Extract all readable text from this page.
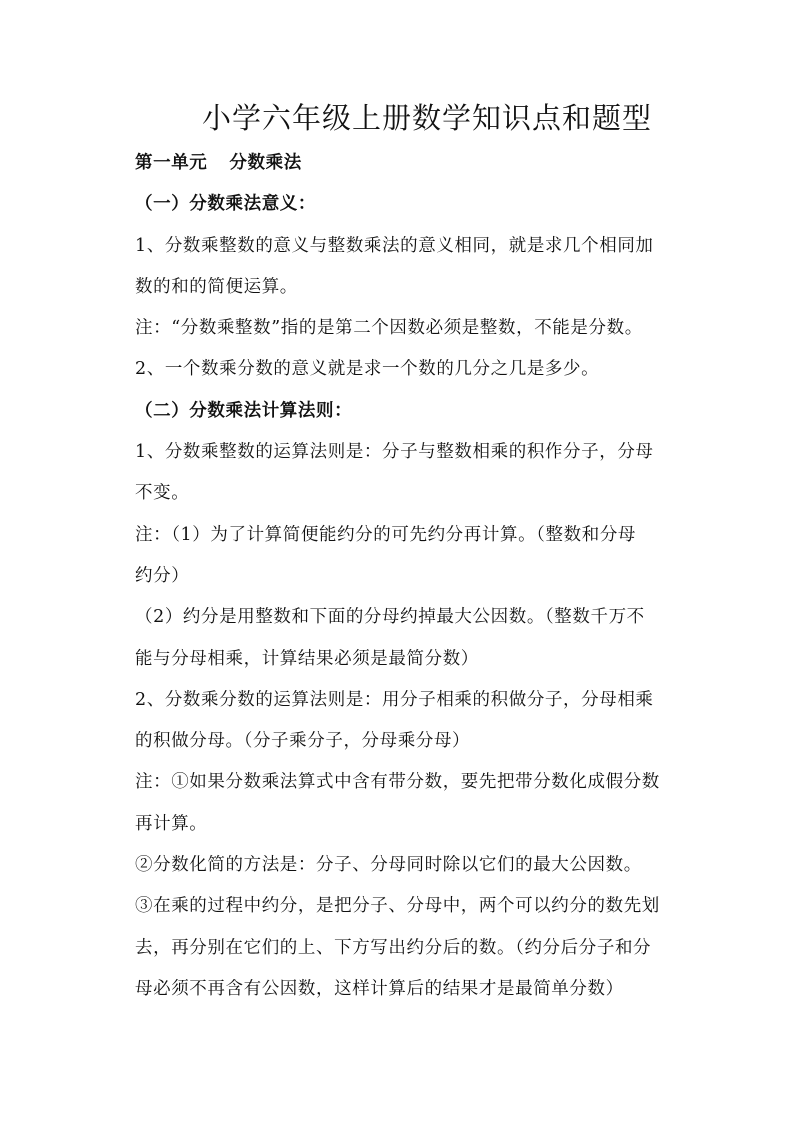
小学六年级上册数学知识点和题型
第一单元 分数乘法
（一）分数乘法意义：
1、分数乘整数的意义与整数乘法的意义相同，就是求几个相同加
数的和的简便运算。
注：“分数乘整数”指的是第二个因数必须是整数，不能是分数。
2、一个数乘分数的意义就是求一个数的几分之几是多少。
（二）分数乘法计算法则：
1、分数乘整数的运算法则是：分子与整数相乘的积作分子，分母
不变。
注：（1）为了计算简便能约分的可先约分再计算。（整数和分母
约分）
（2）约分是用整数和下面的分母约掉最大公因数。（整数千万不
能与分母相乘，计算结果必须是最简分数）
2、分数乘分数的运算法则是：用分子相乘的积做分子，分母相乘
的积做分母。（分子乘分子，分母乘分母）
注：①如果分数乘法算式中含有带分数，要先把带分数化成假分数
再计算。
②分数化简的方法是：分子、分母同时除以它们的最大公因数。
③在乘的过程中约分，是把分子、分母中，两个可以约分的数先划
去，再分别在它们的上、下方写出约分后的数。（约分后分子和分
母必须不再含有公因数，这样计算后的结果才是最简单分数）
